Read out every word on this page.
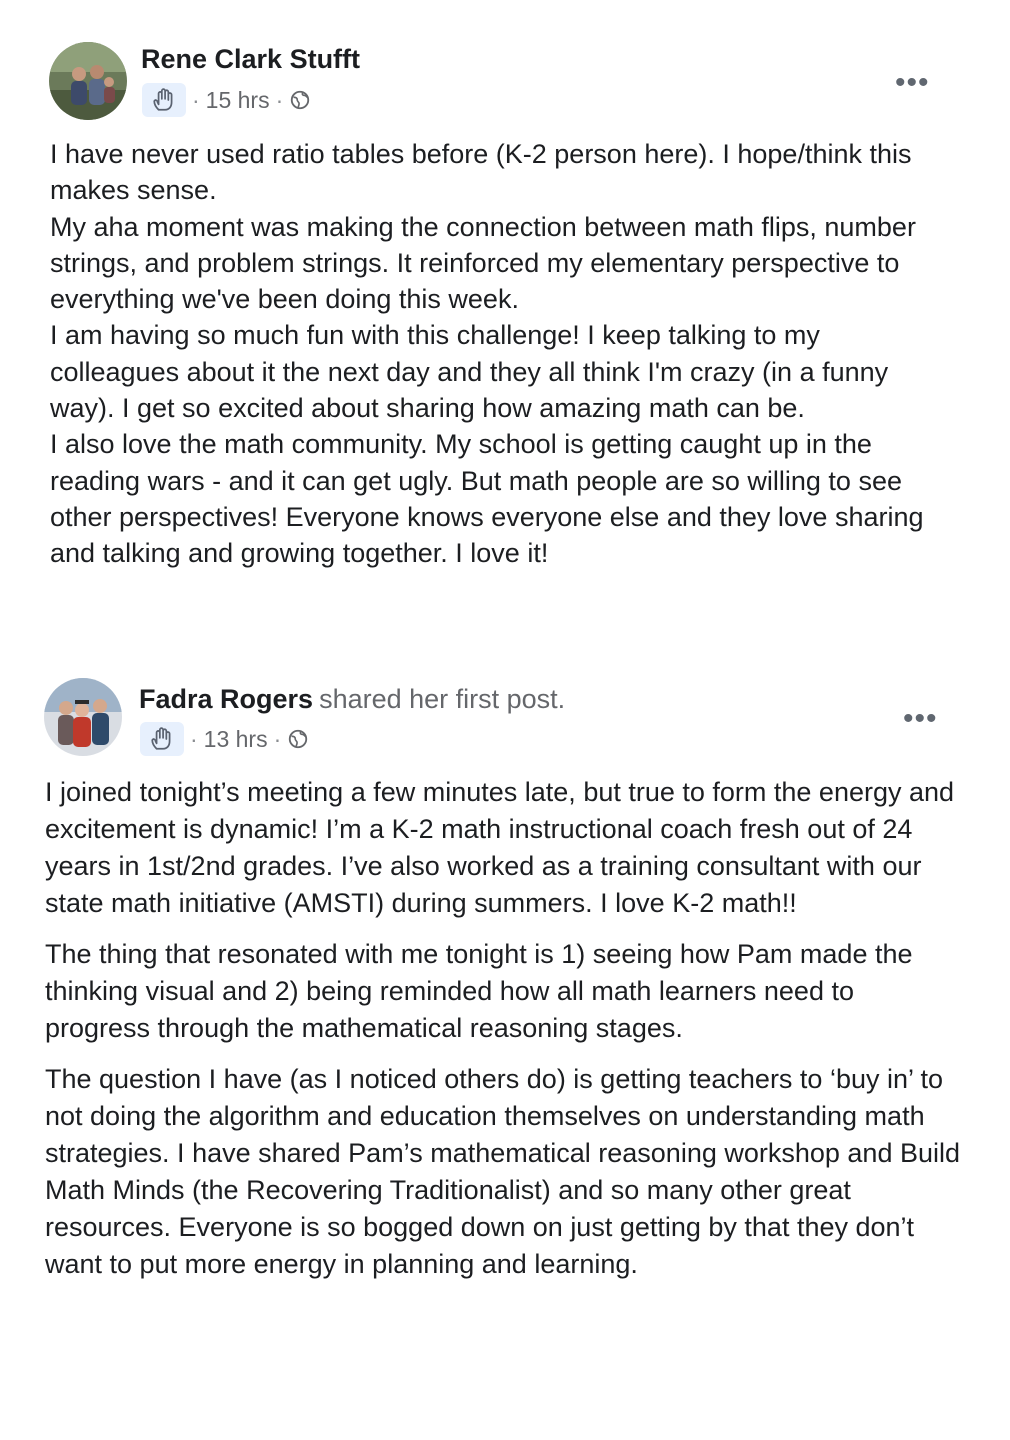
Rene Clark Stufft
· 15 hrs ·
•••

I have never used ratio tables before (K-2 person here). I hope/think this makes sense.

My aha moment was making the connection between math flips, number strings, and problem strings. It reinforced my elementary perspective to everything we've been doing this week.

I am having so much fun with this challenge! I keep talking to my colleagues about it the next day and they all think I'm crazy (in a funny way). I get so excited about sharing how amazing math can be.

I also love the math community. My school is getting caught up in the reading wars - and it can get ugly. But math people are so willing to see other perspectives! Everyone knows everyone else and they love sharing and talking and growing together. I love it!

Fadra Rogers shared her first post.
· 13 hrs ·
•••

I joined tonight’s meeting a few minutes late, but true to form the energy and excitement is dynamic! I’m a K-2 math instructional coach fresh out of 24 years in 1st/2nd grades. I’ve also worked as a training consultant with our state math initiative (AMSTI) during summers. I love K-2 math!!

The thing that resonated with me tonight is 1) seeing how Pam made the thinking visual and 2) being reminded how all math learners need to progress through the mathematical reasoning stages.

The question I have (as I noticed others do) is getting teachers to ‘buy in’ to not doing the algorithm and education themselves on understanding math strategies. I have shared Pam’s mathematical reasoning workshop and Build Math Minds (the Recovering Traditionalist) and so many other great resources. Everyone is so bogged down on just getting by that they don’t want to put more energy in planning and learning.
